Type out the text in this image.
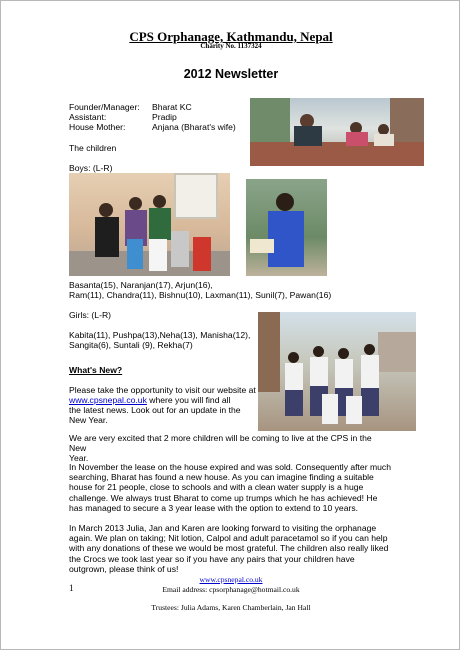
CPS Orphanage, Kathmandu, Nepal
Charity No. 1137324
2012 Newsletter
Founder/Manager: Bharat KC
Assistant:	Pradip
House Mother:	Anjana (Bharat's wife)
The children
Boys: (L-R)
Basanta(15), Naranjan(17), Arjun(16),
Ram(11), Chandra(11), Bishnu(10), Laxman(11), Sunil(7), Pawan(16)
Girls: (L-R)
Kabita(11), Pushpa(13),Neha(13), Manisha(12),
Sangita(6), Suntali (9), Rekha(7)
What's New?
Please take the opportunity to visit our website at
www.cpsnepal.co.uk where you will find all
the latest news. Look out for an update in the
New Year.
We are very excited that 2 more children will be coming to live at the CPS in the New
Year.
In November the lease on the house expired and was sold. Consequently after much
searching, Bharat has found a new house. As you can imagine finding a suitable
house for 21 people, close to schools and with a clean water supply is a huge
challenge. We always trust Bharat to come up trumps which he has achieved! He
has managed to secure a 3 year lease with the option to extend to 10 years.
In March 2013 Julia, Jan and Karen are looking forward to visiting the orphanage
again. We plan on taking; Nit lotion, Calpol and adult paracetamol so if you can help
with any donations of these we would be most grateful. The children also really liked
the Crocs we took last year so if you have any pairs that your children have
outgrown, please think of us!
www.cpsnepal.co.uk
Email address: cpsorphanage@hotmail.co.uk
Trustees: Julia Adams, Karen Chamberlain, Jan Hall
1
